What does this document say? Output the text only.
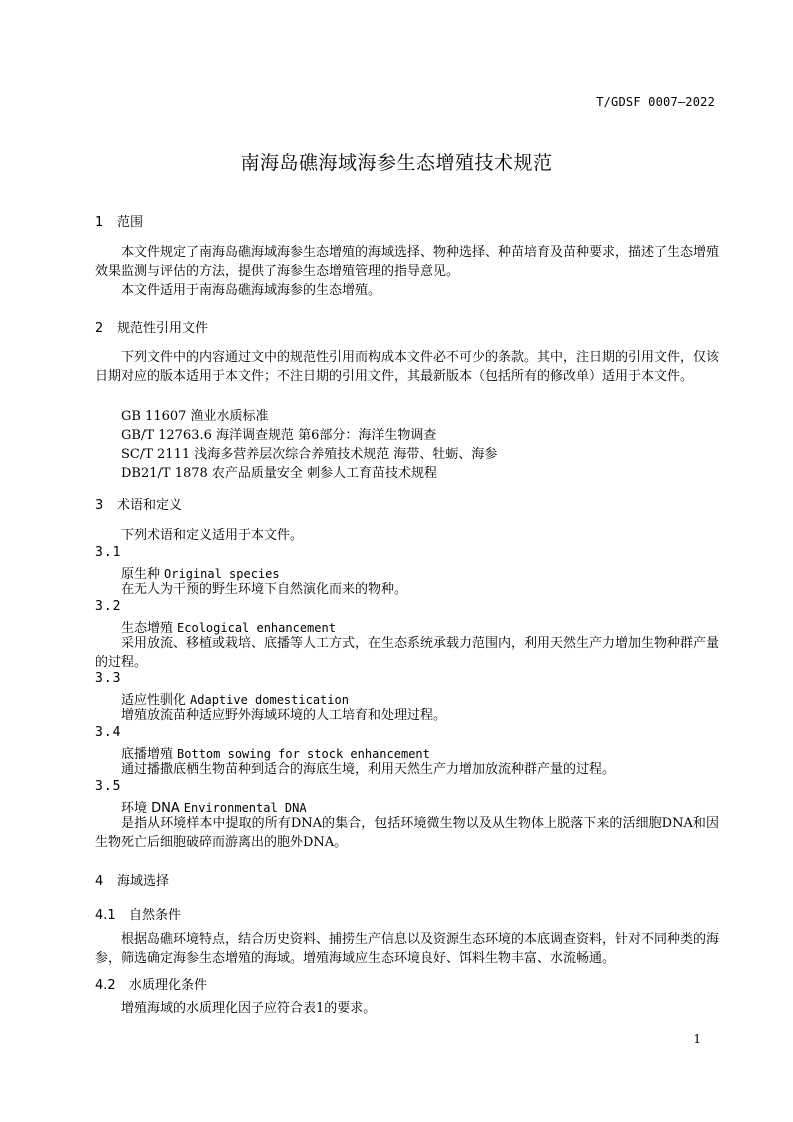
T/GDSF 0007—2022
南海岛礁海域海参生态增殖技术规范
1 范围
本文件规定了南海岛礁海域海参生态增殖的海域选择、物种选择、种苗培育及苗种要求，描述了生态增殖效果监测与评估的方法，提供了海参生态增殖管理的指导意见。
本文件适用于南海岛礁海域海参的生态增殖。
2 规范性引用文件
下列文件中的内容通过文中的规范性引用而构成本文件必不可少的条款。其中，注日期的引用文件，仅该日期对应的版本适用于本文件；不注日期的引用文件，其最新版本（包括所有的修改单）适用于本文件。
GB 11607 渔业水质标准
GB/T 12763.6 海洋调查规范 第6部分：海洋生物调查
SC/T 2111 浅海多营养层次综合养殖技术规范 海带、牡蛎、海参
DB21/T 1878 农产品质量安全 刺参人工育苗技术规程
3 术语和定义
下列术语和定义适用于本文件。
3.1
原生种 Original species
在无人为干预的野生环境下自然演化而来的物种。
3.2
生态增殖 Ecological enhancement
采用放流、移植或栽培、底播等人工方式，在生态系统承载力范围内，利用天然生产力增加生物种群产量的过程。
3.3
适应性驯化 Adaptive domestication
增殖放流苗种适应野外海域环境的人工培育和处理过程。
3.4
底播增殖 Bottom sowing for stock enhancement
通过播撒底栖生物苗种到适合的海底生境，利用天然生产力增加放流种群产量的过程。
3.5
环境 DNA Environmental DNA
是指从环境样本中提取的所有DNA的集合，包括环境微生物以及从生物体上脱落下来的活细胞DNA和因生物死亡后细胞破碎而游离出的胞外DNA。
4 海域选择
4.1 自然条件
根据岛礁环境特点，结合历史资料、捕捞生产信息以及资源生态环境的本底调查资料，针对不同种类的海参，筛选确定海参生态增殖的海域。增殖海域应生态环境良好、饵料生物丰富、水流畅通。
4.2 水质理化条件
增殖海域的水质理化因子应符合表1的要求。
1
